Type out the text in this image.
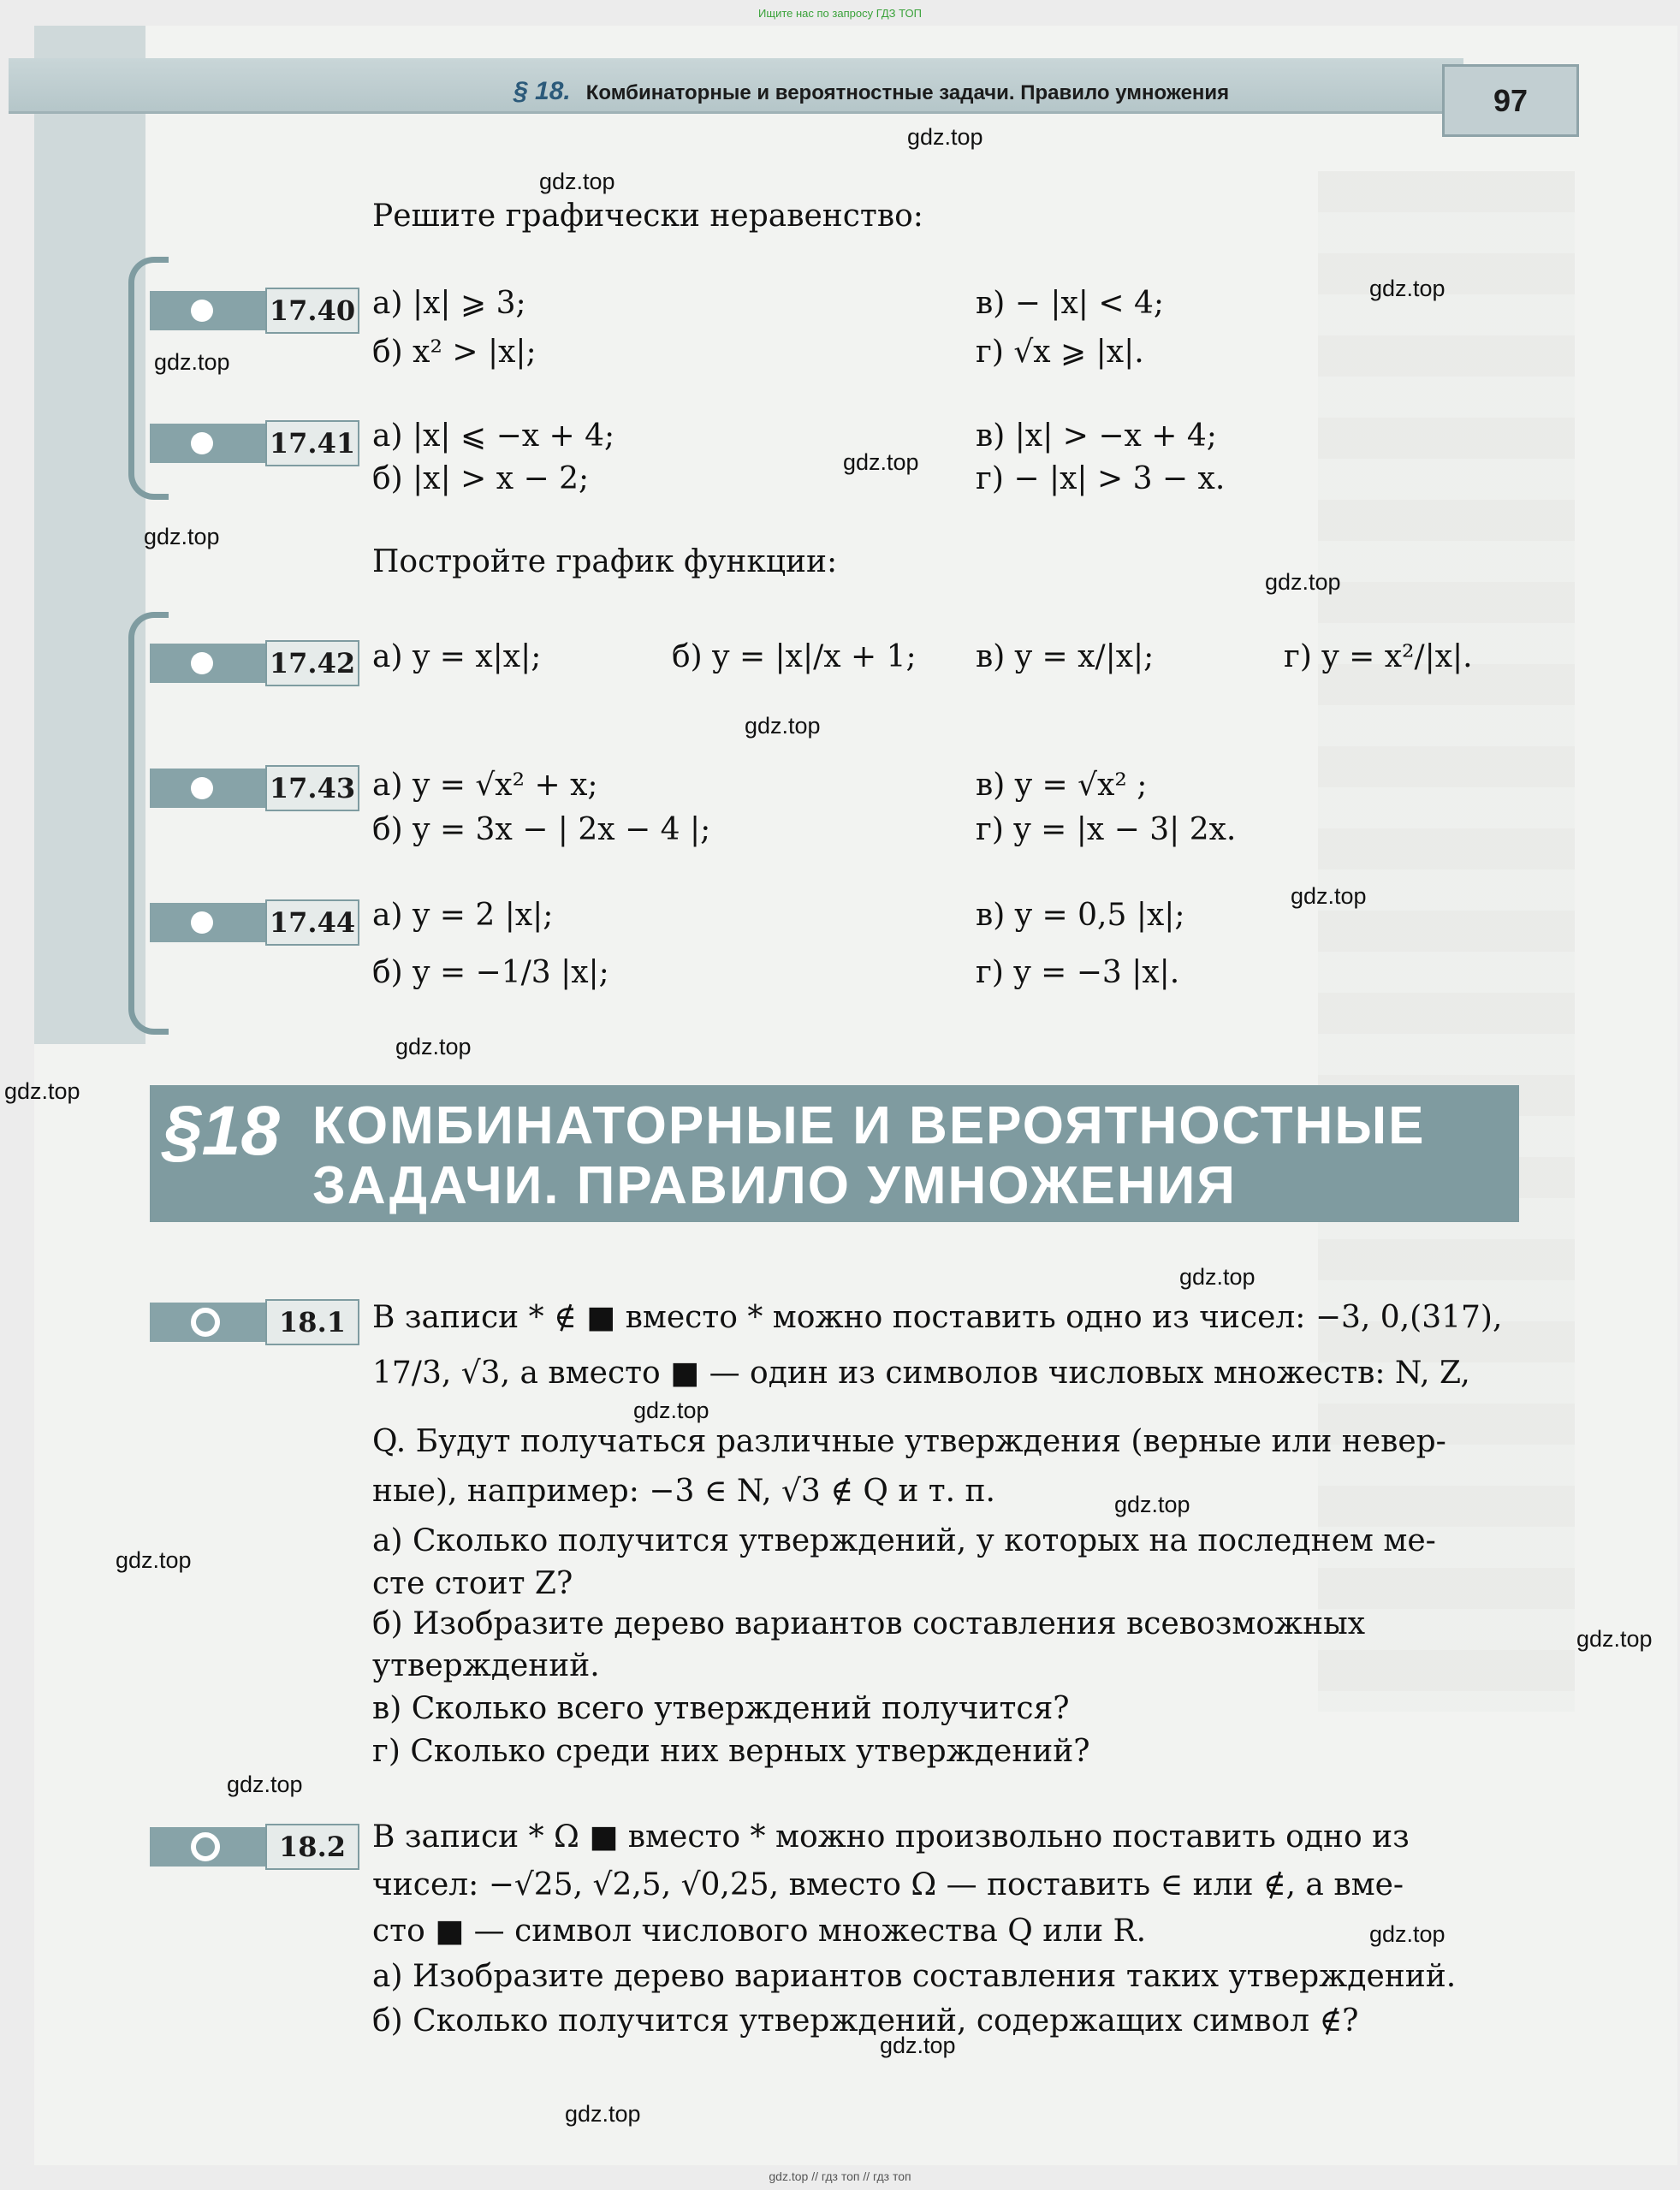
Ищите нас по запросу ГДЗ ТОП
§ 18. Комбинаторные и вероятностные задачи. Правило умножения	97
Решите графически неравенство:
17.40 а) |x| ⩾ 3;	в) − |x| < 4;
б) x² > |x|;	г) √x ⩾ |x|.
17.41 а) |x| ⩽ −x + 4;	в) |x| > −x + 4;
б) |x| > x − 2;	г) − |x| > 3 − x.
Постройте график функции:
17.42 а) y = x|x|;	б) y = |x|/x + 1; в) y = x/|x|;	г) y = x²/|x|.
17.43 а) y = √x² + x;	в) y = √x² ;
б) y = 3x − | 2x − 4 |;	г) y = |x − 3| 2x.
17.44 а) y = 2 |x|;	в) y = 0,5 |x|;
б) y = −1/3 |x|;	г) y = −3 |x|.
§18 КОМБИНАТОРНЫЕ И ВЕРОЯТНОСТНЫЕ
ЗАДАЧИ. ПРАВИЛО УМНОЖЕНИЯ
18.1 В записи * ∉ ■ вместо * можно поставить одно из чисел: −3, 0,(317),
17/3, √3, а вместо ■ — один из символов числовых множеств: N, Z,
Q. Будут получаться различные утверждения (верные или невер-
ные), например: −3 ∈ N, √3 ∉ Q и т. п.
а) Сколько получится утверждений, у которых на последнем ме-
сте стоит Z?
б) Изобразите дерево вариантов составления всевозможных
утверждений.
в) Сколько всего утверждений получится?
г) Сколько среди них верных утверждений?
18.2 В записи * Ω ■ вместо * можно произвольно поставить одно из
чисел: −√25, √2,5, √0,25, вместо Ω — поставить ∈ или ∉, а вме-
сто ■ — символ числового множества Q или R.
а) Изобразите дерево вариантов составления таких утверждений.
б) Сколько получится утверждений, содержащих символ ∉?
gdz.top
gdz.top
gdz.top
gdz.top
gdz.top
gdz.top
gdz.top
gdz.top
gdz.top
gdz.top
gdz.top
gdz.top
gdz.top
gdz.top
gdz.top
gdz.top
gdz.top
gdz.top
gdz.top
gdz.top
gdz.top // гдз топ // гдз топ
